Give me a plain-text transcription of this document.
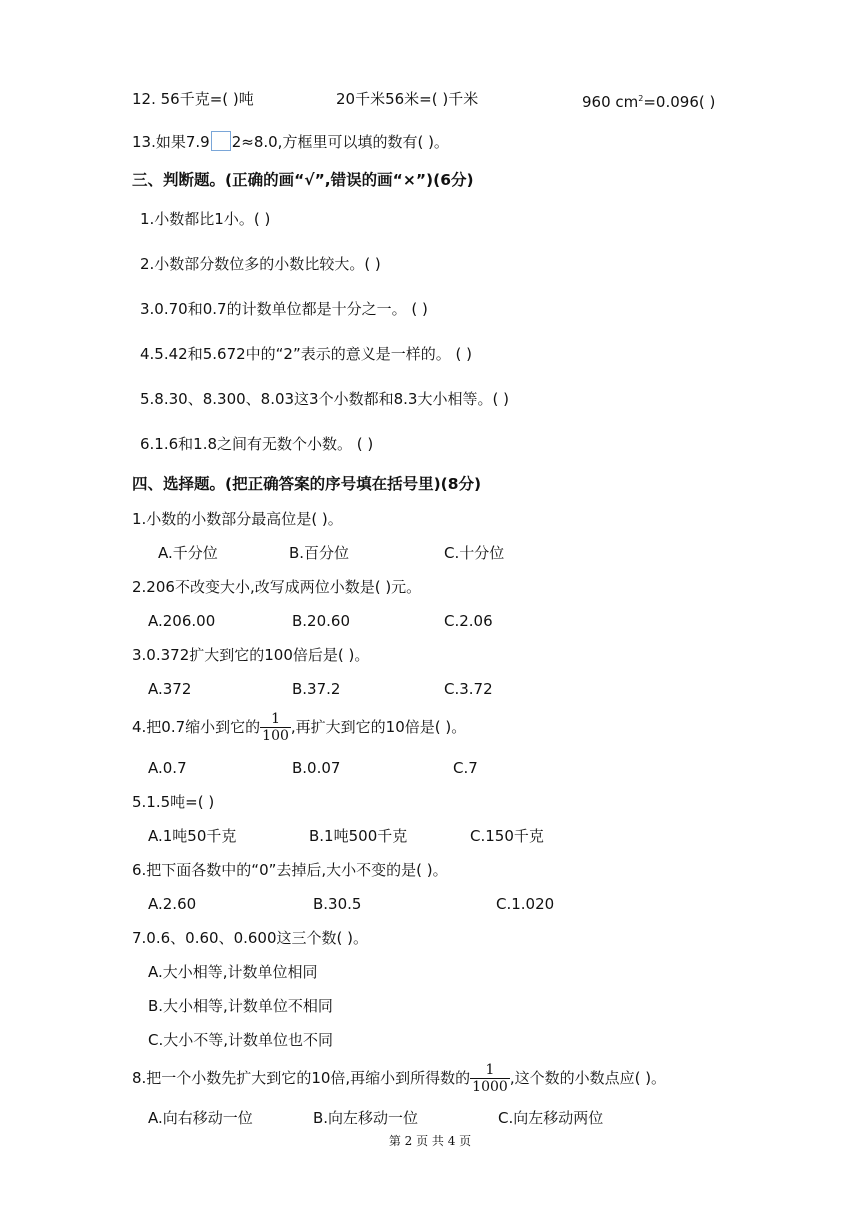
12. 56千克=( )吨	20千米56米=( )千米	960 $cm^2=0.096$( )
13.如果7.9 2≈8.0,方框里可以填的数有( )。
三、判断题。(正确的画“√”,错误的画“×”)(6分)
1.小数都比1小。( )
2.小数部分数位多的小数比较大。( )
3.0.70和0.7的计数单位都是十分之一。 ( )
4.5.42和5.672中的“2”表示的意义是一样的。 ( )
5.8.30、8.300、8.03这3个小数都和8.3大小相等。( )
6.1.6和1.8之间有无数个小数。 ( )
四、选择题。(把正确答案的序号填在括号里)(8分)
1.小数的小数部分最高位是( )。
A.千分位	B.百分位	C.十分位
2.206不改变大小,改写成两位小数是( )元。
A.206.00	B.20.60	C.2.06
3.0.372扩大到它的100倍后是( )。
A.372	B.37.2	C.3.72
4.把0.7缩小到它的 $\frac{1}{100}$ ,再扩大到它的10倍是( )。
A.0.7	B.0.07	C.7
5.1.5吨=( )
A.1吨50千克	B.1吨500千克	C.150千克
6.把下面各数中的“0”去掉后,大小不变的是( )。
A.2.60	B.30.5	C.1.020
7.0.6、0.60、0.600这三个数( )。
A.大小相等,计数单位相同
B.大小相等,计数单位不相同
C.大小不等,计数单位也不同
8.把一个小数先扩大到它的10倍,再缩小到所得数的 $\frac{1}{1000}$ ,这个数的小数点应( )。
A.向右移动一位	B.向左移动一位	C.向左移动两位
第 2 页 共 4 页
